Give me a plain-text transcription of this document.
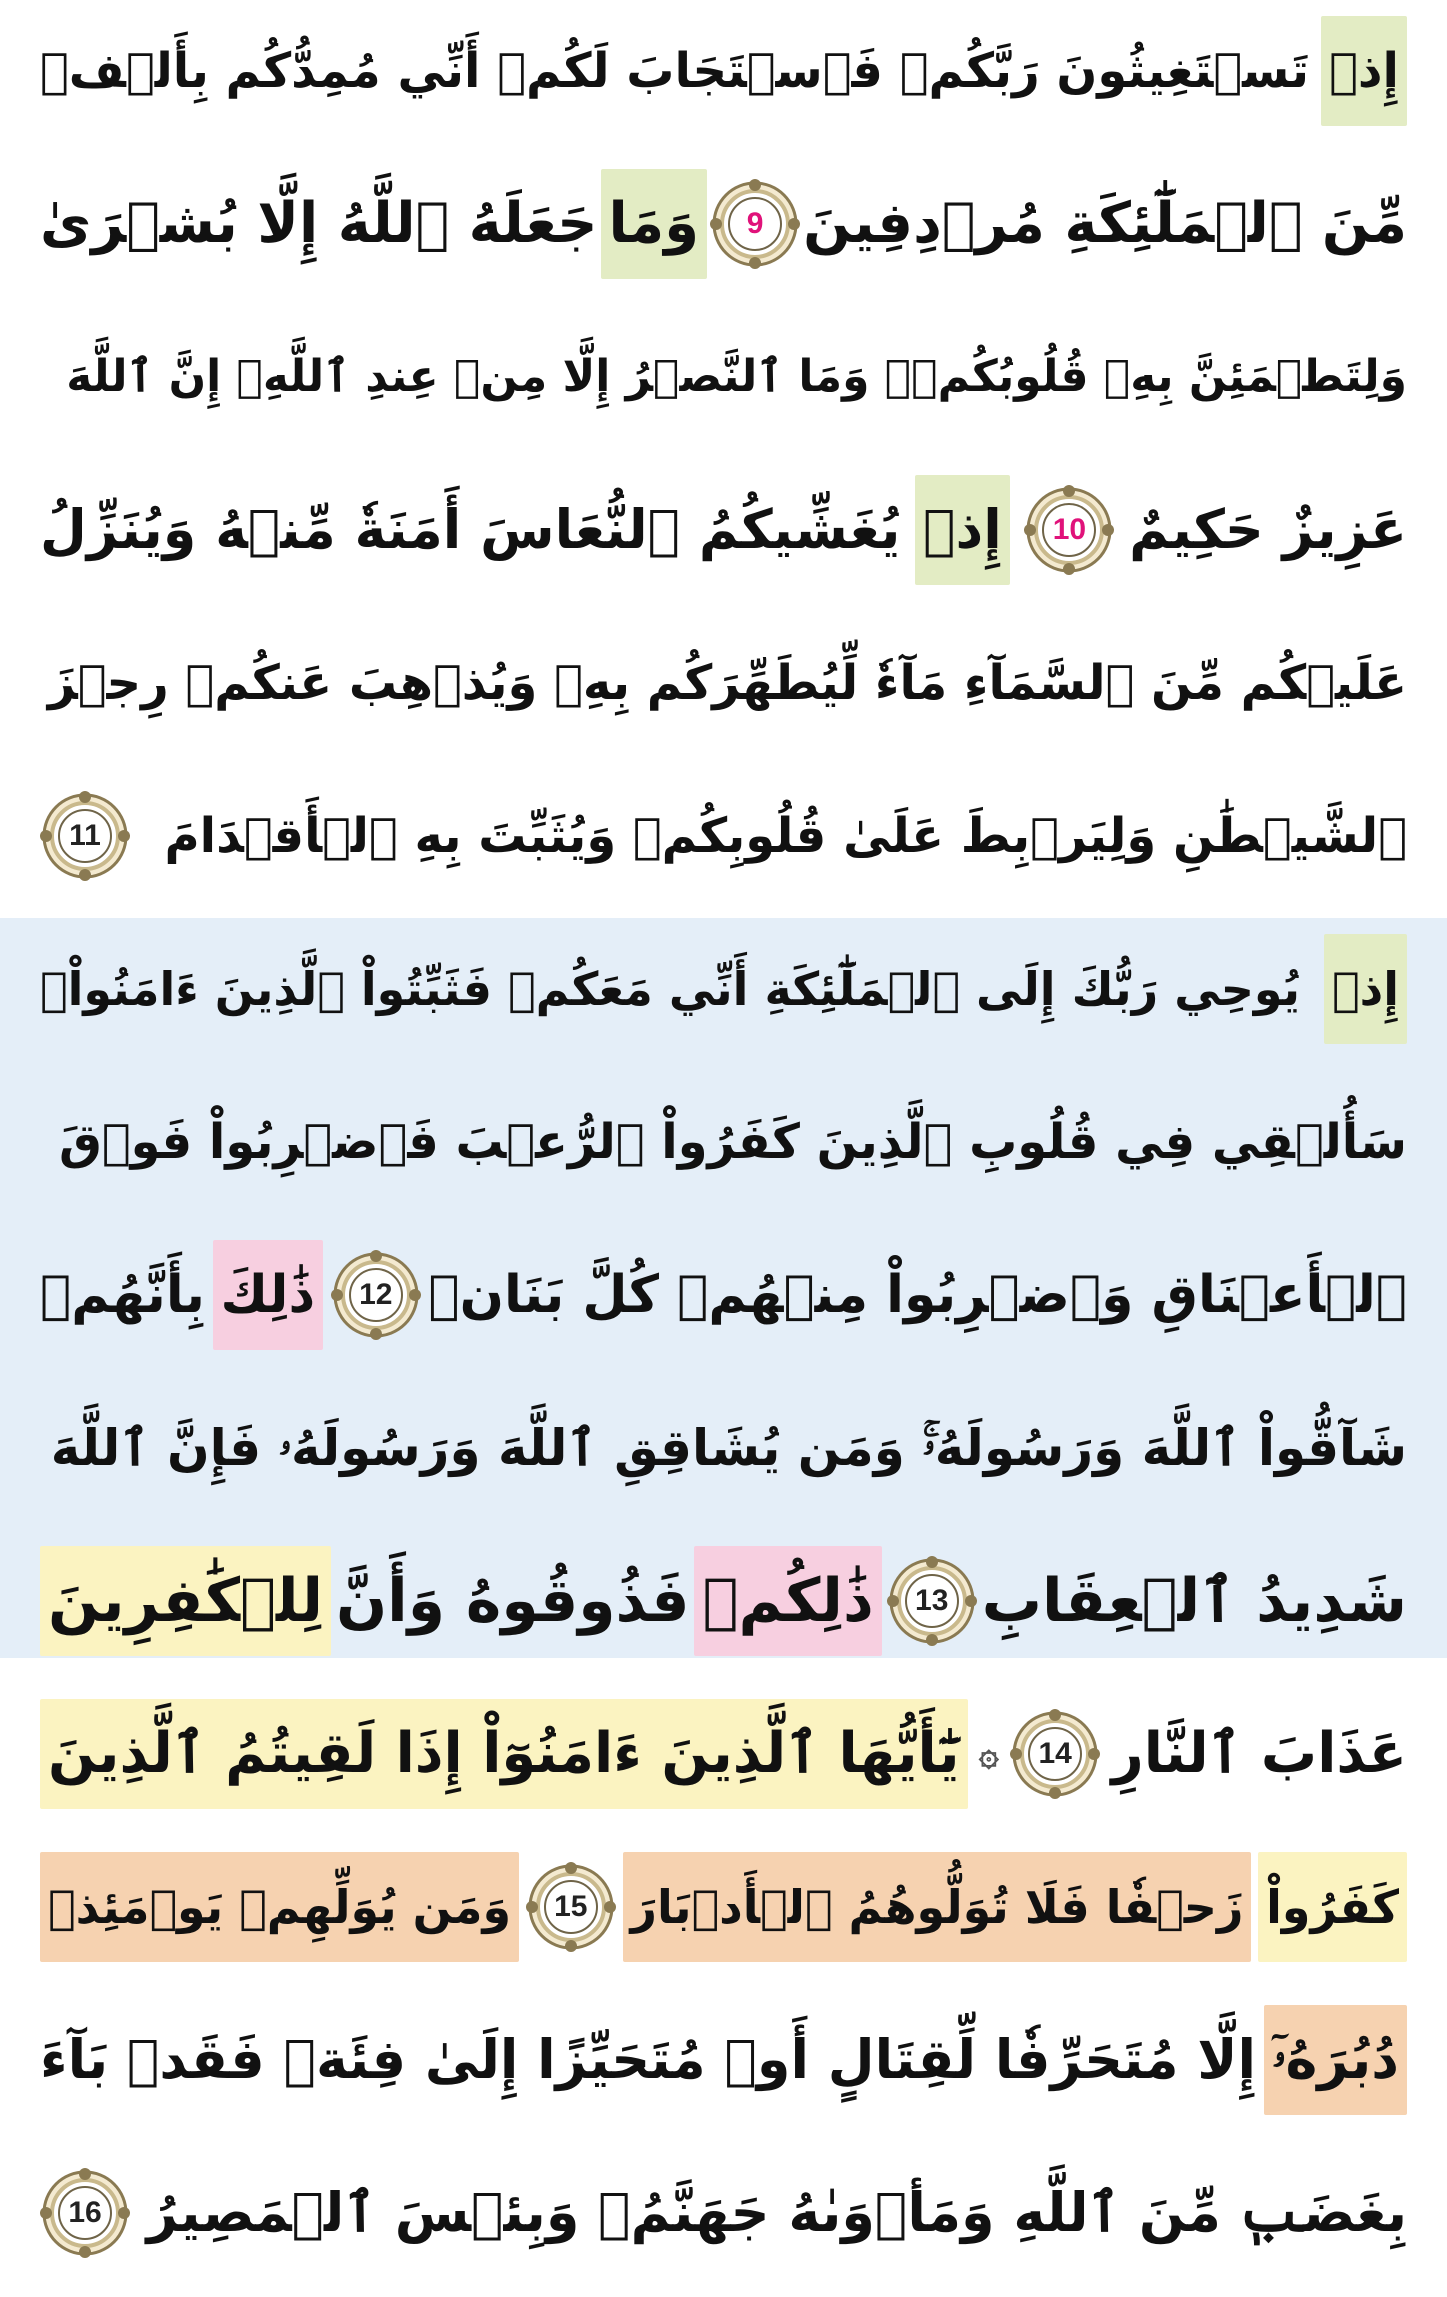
إِذۡ
تَسۡتَغِيثُونَ رَبَّكُمۡ فَٱسۡتَجَابَ لَكُمۡ أَنِّي مُمِدُّكُم بِأَلۡفٖ
مِّنَ ٱلۡمَلَٰٓئِكَةِ مُرۡدِفِينَ
9
وَمَا
جَعَلَهُ ٱللَّهُ إِلَّا بُشۡرَىٰ
وَلِتَطۡمَئِنَّ بِهِۦ قُلُوبُكُمۡۚ وَمَا ٱلنَّصۡرُ إِلَّا مِنۡ عِندِ ٱللَّهِۚ إِنَّ ٱللَّهَ
عَزِيزٌ حَكِيمٌ
10
إِذۡ
يُغَشِّيكُمُ ٱلنُّعَاسَ أَمَنَةٗ مِّنۡهُ وَيُنَزِّلُ
عَلَيۡكُم مِّنَ ٱلسَّمَآءِ مَآءٗ لِّيُطَهِّرَكُم بِهِۦ وَيُذۡهِبَ عَنكُمۡ رِجۡزَ
ٱلشَّيۡطَٰنِ وَلِيَرۡبِطَ عَلَىٰ قُلُوبِكُمۡ وَيُثَبِّتَ بِهِ ٱلۡأَقۡدَامَ
11
إِذۡ
يُوحِي رَبُّكَ إِلَى ٱلۡمَلَٰٓئِكَةِ أَنِّي مَعَكُمۡ فَثَبِّتُواْ ٱلَّذِينَ ءَامَنُواْۚ
سَأُلۡقِي فِي قُلُوبِ ٱلَّذِينَ كَفَرُواْ ٱلرُّعۡبَ فَٱضۡرِبُواْ فَوۡقَ
ٱلۡأَعۡنَاقِ وَٱضۡرِبُواْ مِنۡهُمۡ كُلَّ بَنَانٖ
12
ذَٰلِكَ
بِأَنَّهُمۡ
شَآقُّواْ ٱللَّهَ وَرَسُولَهُۥۚ وَمَن يُشَاقِقِ ٱللَّهَ وَرَسُولَهُۥ فَإِنَّ ٱللَّهَ
شَدِيدُ ٱلۡعِقَابِ
13
ذَٰلِكُمۡ
فَذُوقُوهُ وَأَنَّ
لِلۡكَٰفِرِينَ
عَذَابَ ٱلنَّارِ
14
۞
يَٰٓأَيُّهَا ٱلَّذِينَ ءَامَنُوٓاْ إِذَا لَقِيتُمُ ٱلَّذِينَ
كَفَرُواْ
زَحۡفٗا فَلَا تُوَلُّوهُمُ ٱلۡأَدۡبَارَ
15
وَمَن يُوَلِّهِمۡ يَوۡمَئِذٖ
دُبُرَهُۥٓ
إِلَّا مُتَحَرِّفٗا لِّقِتَالٍ أَوۡ مُتَحَيِّزًا إِلَىٰ فِئَةٖ فَقَدۡ بَآءَ
بِغَضَبٖ مِّنَ ٱللَّهِ وَمَأۡوَىٰهُ جَهَنَّمُۖ وَبِئۡسَ ٱلۡمَصِيرُ
16
